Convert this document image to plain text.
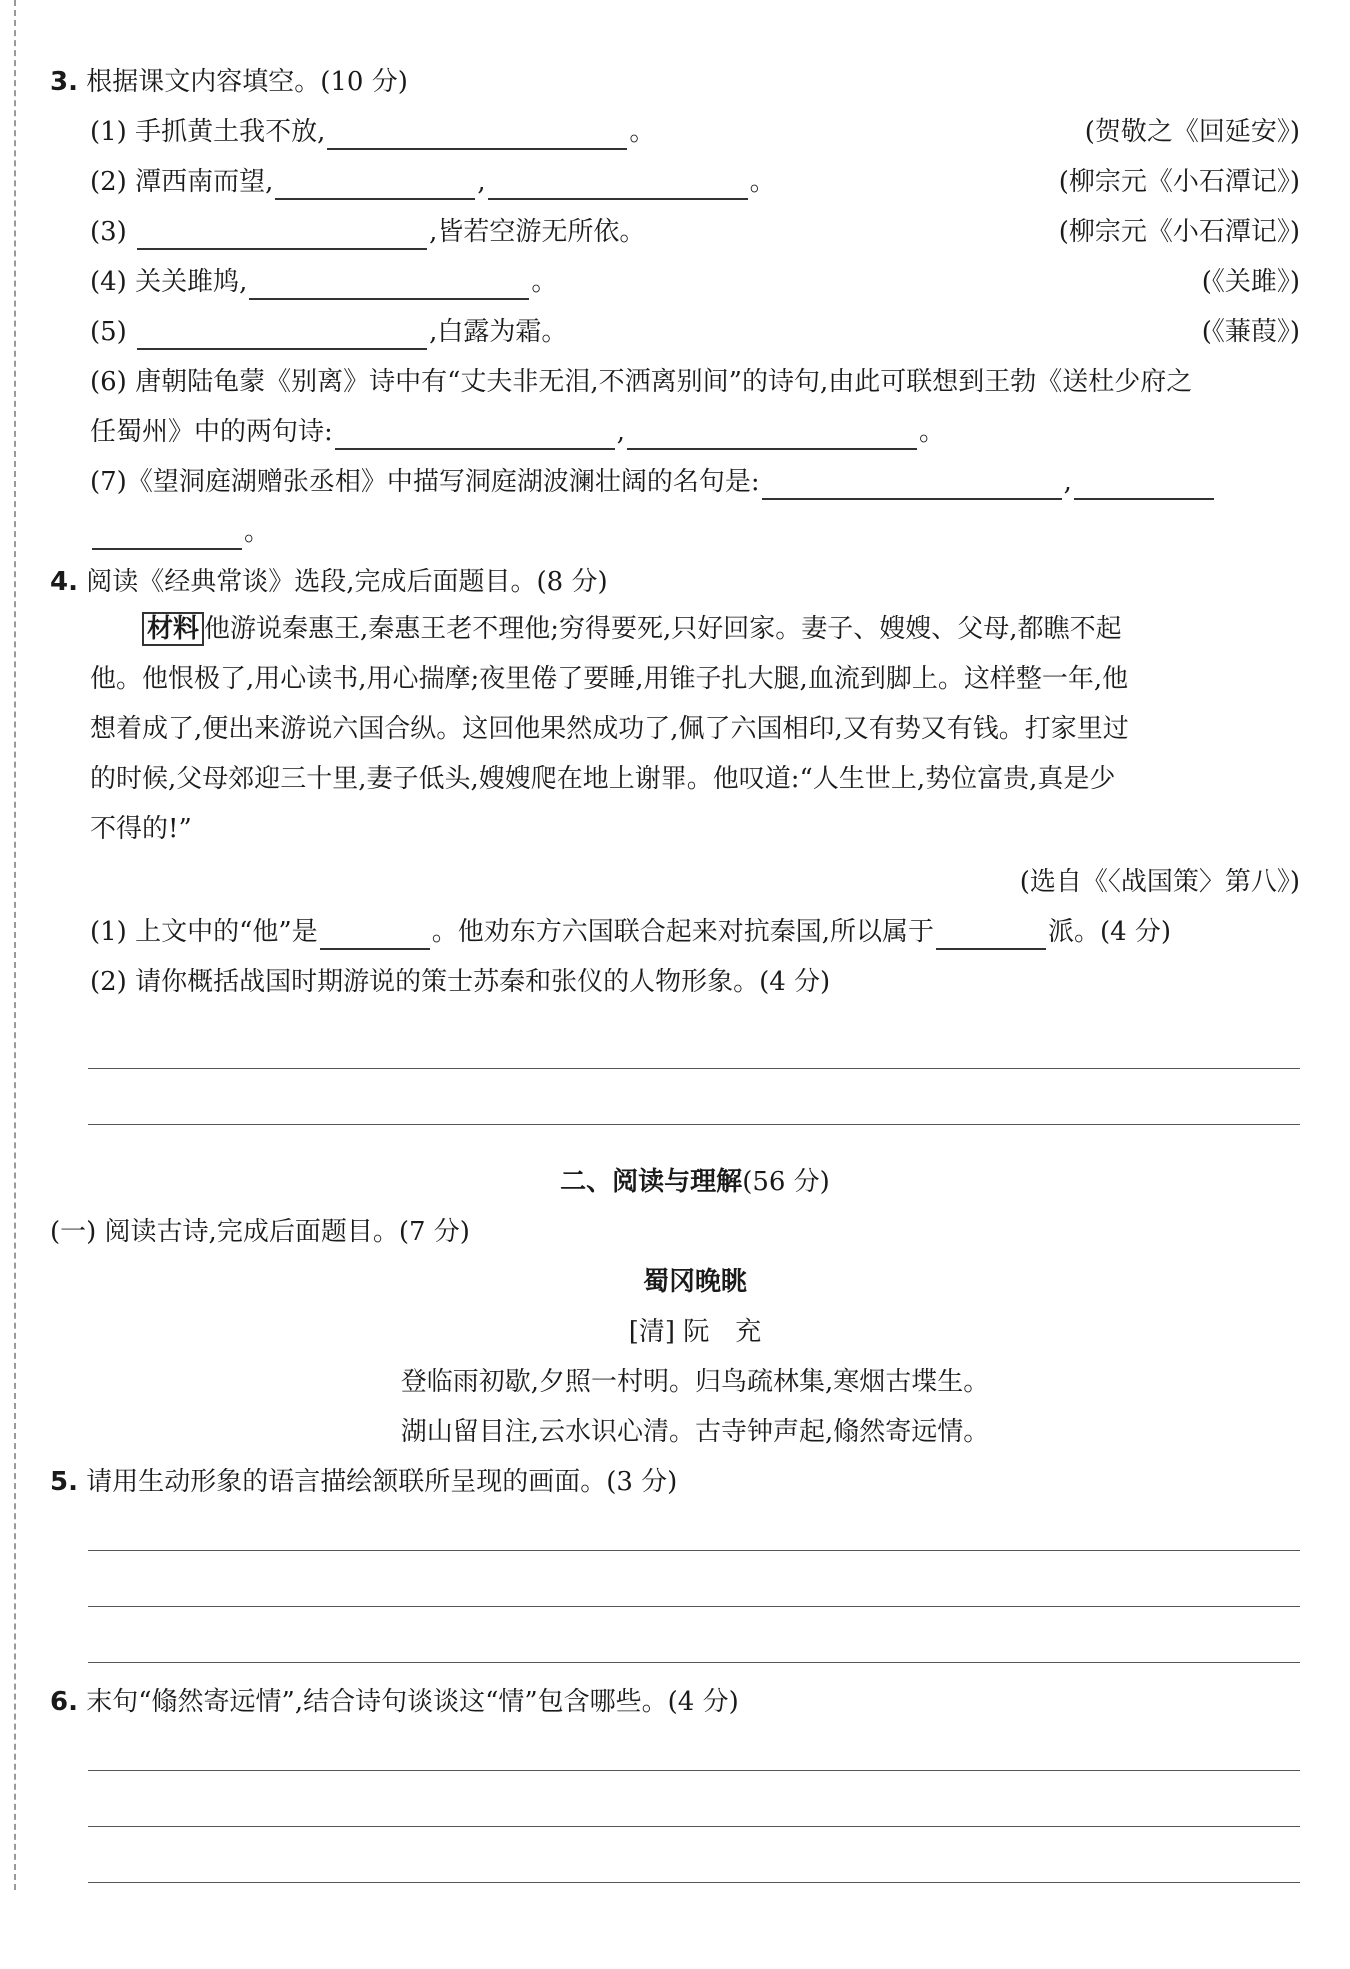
3. 根据课文内容填空。(10 分)
(1) 手抓黄土我不放,	。	(贺敬之《回延安》)
(2) 潭西南而望,	,	。	(柳宗元《小石潭记》)
(3)	,皆若空游无所依。	(柳宗元《小石潭记》)
(4) 关关雎鸠,	。	(《关雎》)
(5)	,白露为霜。	(《蒹葭》)
(6) 唐朝陆龟蒙《别离》诗中有“丈夫非无泪,不洒离别间”的诗句,由此可联想到王勃《送杜少府之
任蜀州》中的两句诗:	,	。
(7)《望洞庭湖赠张丞相》中描写洞庭湖波澜壮阔的名句是:	,
。
4. 阅读《经典常谈》选段,完成后面题目。(8 分)
材料 他游说秦惠王,秦惠王老不理他;穷得要死,只好回家。妻子、嫂嫂、父母,都瞧不起
他。他恨极了,用心读书,用心揣摩;夜里倦了要睡,用锥子扎大腿,血流到脚上。这样整一年,他
想着成了,便出来游说六国合纵。这回他果然成功了,佩了六国相印,又有势又有钱。打家里过
的时候,父母郊迎三十里,妻子低头,嫂嫂爬在地上谢罪。他叹道:“人生世上,势位富贵,真是少
不得的!”
(选自《〈战国策〉第八》)
(1) 上文中的“他”是	。他劝东方六国联合起来对抗秦国,所以属于	派。(4 分)
(2) 请你概括战国时期游说的策士苏秦和张仪的人物形象。(4 分)
二、阅读与理解(56 分)
(一) 阅读古诗,完成后面题目。(7 分)
蜀冈晚眺
[清] 阮　充
登临雨初歇,夕照一村明。归鸟疏林集,寒烟古堞生。
湖山留目注,云水识心清。古寺钟声起,翛然寄远情。
5. 请用生动形象的语言描绘颔联所呈现的画面。(3 分)
6. 末句“翛然寄远情”,结合诗句谈谈这“情”包含哪些。(4 分)
